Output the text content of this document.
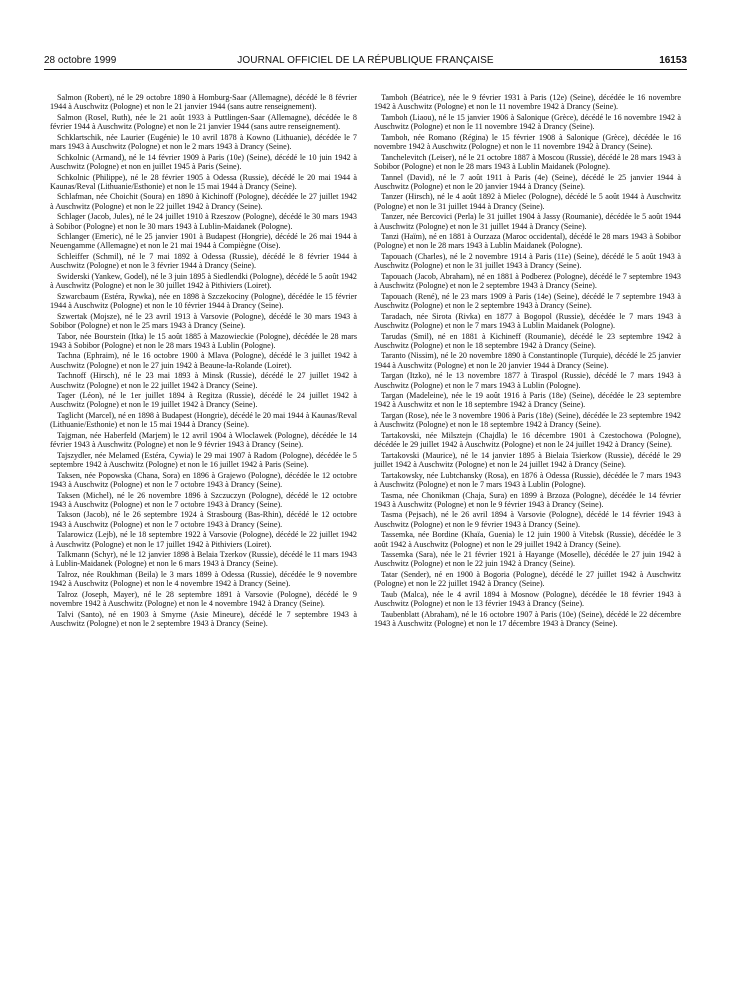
28 octobre 1999	JOURNAL OFFICIEL DE LA RÉPUBLIQUE FRANÇAISE	16153

Salmon (Robert), né le 29 octobre 1890 à Homburg-Saar (Allemagne), décédé le 8 février 1944 à Auschwitz (Pologne) et non le 21 janvier 1944 (sans autre renseignement).

Salmon (Rosel, Ruth), née le 21 août 1933 à Puttlingen-Saar (Allemagne), décédée le 8 février 1944 à Auschwitz (Pologne) et non le 21 janvier 1944 (sans autre renseignement).

Schklartschik, née Laurier (Eugénie) le 10 avril 1878 à Kowno (Lithuanie), décédée le 7 mars 1943 à Auschwitz (Pologne) et non le 2 mars 1943 à Drancy (Seine).

Schkolnic (Armand), né le 14 février 1909 à Paris (10e) (Seine), décédé le 10 juin 1942 à Auschwitz (Pologne) et non en juillet 1945 à Paris (Seine).

Schkolnic (Philippe), né le 28 février 1905 à Odessa (Russie), décédé le 20 mai 1944 à Kaunas/Reval (Lithuanie/Esthonie) et non le 15 mai 1944 à Drancy (Seine).

Schlafman, née Choichit (Soura) en 1890 à Kichinoff (Pologne), décédée le 27 juillet 1942 à Auschwitz (Pologne) et non le 22 juillet 1942 à Drancy (Seine).

Schlager (Jacob, Jules), né le 24 juillet 1910 à Rzeszow (Pologne), décédé le 30 mars 1943 à Sobibor (Pologne) et non le 30 mars 1943 à Lublin-Maidanek (Pologne).

Schlanger (Emeric), né le 25 janvier 1901 à Budapest (Hongrie), décédé le 26 mai 1944 à Neuengamme (Allemagne) et non le 21 mai 1944 à Compiègne (Oise).

Schleiffer (Schmil), né le 7 mai 1892 à Odessa (Russie), décédé le 8 février 1944 à Auschwitz (Pologne) et non le 3 février 1944 à Drancy (Seine).

Swiderski (Yankew, Godel), né le 3 juin 1895 à Siedlendki (Pologne), décédé le 5 août 1942 à Auschwitz (Pologne) et non le 30 juillet 1942 à Pithiviers (Loiret).

Szwarcbaum (Estéra, Rywka), née en 1898 à Szczekociny (Pologne), décédée le 15 février 1944 à Auschwitz (Pologne) et non le 10 février 1944 à Drancy (Seine).

Szwertak (Mojsze), né le 23 avril 1913 à Varsovie (Pologne), décédé le 30 mars 1943 à Sobibor (Pologne) et non le 25 mars 1943 à Drancy (Seine).

Tabor, née Bourstein (Itka) le 15 août 1885 à Mazowieckie (Pologne), décédée le 28 mars 1943 à Sobibor (Pologne) et non le 28 mars 1943 à Lublin (Pologne).

Tachna (Ephraim), né le 16 octobre 1900 à Mlava (Pologne), décédé le 3 juillet 1942 à Auschwitz (Pologne) et non le 27 juin 1942 à Beaune-la-Rolande (Loiret).

Tachnoff (Hirsch), né le 23 mai 1893 à Minsk (Russie), décédé le 27 juillet 1942 à Auschwitz (Pologne) et non le 22 juillet 1942 à Drancy (Seine).

Tager (Léon), né le 1er juillet 1894 à Regitza (Russie), décédé le 24 juillet 1942 à Auschwitz (Pologne) et non le 19 juillet 1942 à Drancy (Seine).

Taglicht (Marcel), né en 1898 à Budapest (Hongrie), décédé le 20 mai 1944 à Kaunas/Reval (Lithuanie/Esthonie) et non le 15 mai 1944 à Drancy (Seine).

Tajgman, née Haberfeld (Marjem) le 12 avril 1904 à Wloclawek (Pologne), décédée le 14 février 1943 à Auschwitz (Pologne) et non le 9 février 1943 à Drancy (Seine).

Tajszydler, née Melamed (Estéra, Cywia) le 29 mai 1907 à Radom (Pologne), décédée le 5 septembre 1942 à Auschwitz (Pologne) et non le 16 juillet 1942 à Paris (Seine).

Taksen, née Popowska (Chana, Sora) en 1896 à Grajewo (Pologne), décédée le 12 octobre 1943 à Auschwitz (Pologne) et non le 7 octobre 1943 à Drancy (Seine).

Taksen (Michel), né le 26 novembre 1896 à Szczuczyn (Pologne), décédé le 12 octobre 1943 à Auschwitz (Pologne) et non le 7 octobre 1943 à Drancy (Seine).

Takson (Jacob), né le 26 septembre 1924 à Strasbourg (Bas-Rhin), décédé le 12 octobre 1943 à Auschwitz (Pologne) et non le 7 octobre 1943 à Drancy (Seine).

Talarowicz (Lejb), né le 18 septembre 1922 à Varsovie (Pologne), décédé le 22 juillet 1942 à Auschwitz (Pologne) et non le 17 juillet 1942 à Pithiviers (Loiret).

Talkmann (Schyr), né le 12 janvier 1898 à Belaia Tzerkov (Russie), décédé le 11 mars 1943 à Lublin-Maidanek (Pologne) et non le 6 mars 1943 à Drancy (Seine).

Talroz, née Roukhman (Beila) le 3 mars 1899 à Odessa (Russie), décédée le 9 novembre 1942 à Auschwitz (Pologne) et non le 4 novembre 1942 à Drancy (Seine).

Talroz (Joseph, Mayer), né le 28 septembre 1891 à Varsovie (Pologne), décédé le 9 novembre 1942 à Auschwitz (Pologne) et non le 4 novembre 1942 à Drancy (Seine).

Talvi (Santo), né en 1903 à Smyrne (Asie Mineure), décédé le 7 septembre 1943 à Auschwitz (Pologne) et non le 2 septembre 1943 à Drancy (Seine).

Tamboh (Béatrice), née le 9 février 1931 à Paris (12e) (Seine), décédée le 16 novembre 1942 à Auschwitz (Pologne) et non le 11 novembre 1942 à Drancy (Seine).

Tamboh (Liaou), né le 15 janvier 1906 à Salonique (Grèce), décédé le 16 novembre 1942 à Auschwitz (Pologne) et non le 11 novembre 1942 à Drancy (Seine).

Tamboh, née Romano (Régina) le 15 février 1908 à Salonique (Grèce), décédée le 16 novembre 1942 à Auschwitz (Pologne) et non le 11 novembre 1942 à Drancy (Seine).

Tanchelevitch (Leiser), né le 21 octobre 1887 à Moscou (Russie), décédé le 28 mars 1943 à Sobibor (Pologne) et non le 28 mars 1943 à Lublin Maidanek (Pologne).

Tannel (David), né le 7 août 1911 à Paris (4e) (Seine), décédé le 25 janvier 1944 à Auschwitz (Pologne) et non le 20 janvier 1944 à Drancy (Seine).

Tanzer (Hirsch), né le 4 août 1892 à Mielec (Pologne), décédé le 5 août 1944 à Auschwitz (Pologne) et non le 31 juillet 1944 à Drancy (Seine).

Tanzer, née Bercovici (Perla) le 31 juillet 1904 à Jassy (Roumanie), décédée le 5 août 1944 à Auschwitz (Pologne) et non le 31 juillet 1944 à Drancy (Seine).

Tanzi (Haïm), né en 1881 à Ourzaza (Maroc occidental), décédé le 28 mars 1943 à Sobibor (Pologne) et non le 28 mars 1943 à Lublin Maidanek (Pologne).

Tapouach (Charles), né le 2 novembre 1914 à Paris (11e) (Seine), décédé le 5 août 1943 à Auschwitz (Pologne) et non le 31 juillet 1943 à Drancy (Seine).

Tapouach (Jacob, Abraham), né en 1881 à Podberez (Pologne), décédé le 7 septembre 1943 à Auschwitz (Pologne) et non le 2 septembre 1943 à Drancy (Seine).

Tapouach (René), né le 23 mars 1909 à Paris (14e) (Seine), décédé le 7 septembre 1943 à Auschwitz (Pologne) et non le 2 septembre 1943 à Drancy (Seine).

Taradach, née Sirota (Rivka) en 1877 à Bogopol (Russie), décédée le 7 mars 1943 à Auschwitz (Pologne) et non le 7 mars 1943 à Lublin Maidanek (Pologne).

Tarudas (Smil), né en 1881 à Kichineff (Roumanie), décédé le 23 septembre 1942 à Auschwitz (Pologne) et non le 18 septembre 1942 à Drancy (Seine).

Taranto (Nissim), né le 20 novembre 1890 à Constantinople (Turquie), décédé le 25 janvier 1944 à Auschwitz (Pologne) et non le 20 janvier 1944 à Drancy (Seine).

Targan (Itzko), né le 13 novembre 1877 à Tiraspol (Russie), décédé le 7 mars 1943 à Auschwitz (Pologne) et non le 7 mars 1943 à Lublin (Pologne).

Targan (Madeleine), née le 19 août 1916 à Paris (18e) (Seine), décédée le 23 septembre 1942 à Auschwitz et non le 18 septembre 1942 à Drancy (Seine).

Targan (Rose), née le 3 novembre 1906 à Paris (18e) (Seine), décédée le 23 septembre 1942 à Auschwitz (Pologne) et non le 18 septembre 1942 à Drancy (Seine).

Tartakovski, née Milsztejn (Chajdla) le 16 décembre 1901 à Czestochowa (Pologne), décédée le 29 juillet 1942 à Auschwitz (Pologne) et non le 24 juillet 1942 à Drancy (Seine).

Tartakovski (Maurice), né le 14 janvier 1895 à Bielaia Tsierkow (Russie), décédé le 29 juillet 1942 à Auschwitz (Pologne) et non le 24 juillet 1942 à Drancy (Seine).

Tartakowsky, née Lubtchansky (Rosa), en 1876 à Odessa (Russie), décédée le 7 mars 1943 à Auschwitz (Pologne) et non le 7 mars 1943 à Lublin (Pologne).

Tasma, née Chonikman (Chaja, Sura) en 1899 à Brzoza (Pologne), décédée le 14 février 1943 à Auschwitz (Pologne) et non le 9 février 1943 à Drancy (Seine).

Tasma (Pejsach), né le 26 avril 1894 à Varsovie (Pologne), décédé le 14 février 1943 à Auschwitz (Pologne) et non le 9 février 1943 à Drancy (Seine).

Tassemka, née Bordine (Khaïa, Guenia) le 12 juin 1900 à Vitebsk (Russie), décédée le 3 août 1942 à Auschwitz (Pologne) et non le 29 juillet 1942 à Drancy (Seine).

Tassemka (Sara), née le 21 février 1921 à Hayange (Moselle), décédée le 27 juin 1942 à Auschwitz (Pologne) et non le 22 juin 1942 à Drancy (Seine).

Tatar (Sender), né en 1900 à Bogoria (Pologne), décédé le 27 juillet 1942 à Auschwitz (Pologne) et non le 22 juillet 1942 à Drancy (Seine).

Taub (Malca), née le 4 avril 1894 à Mosnow (Pologne), décédée le 18 février 1943 à Auschwitz (Pologne) et non le 13 février 1943 à Drancy (Seine).

Taubenblatt (Abraham), né le 16 octobre 1907 à Paris (10e) (Seine), décédé le 22 décembre 1943 à Auschwitz (Pologne) et non le 17 décembre 1943 à Drancy (Seine).
